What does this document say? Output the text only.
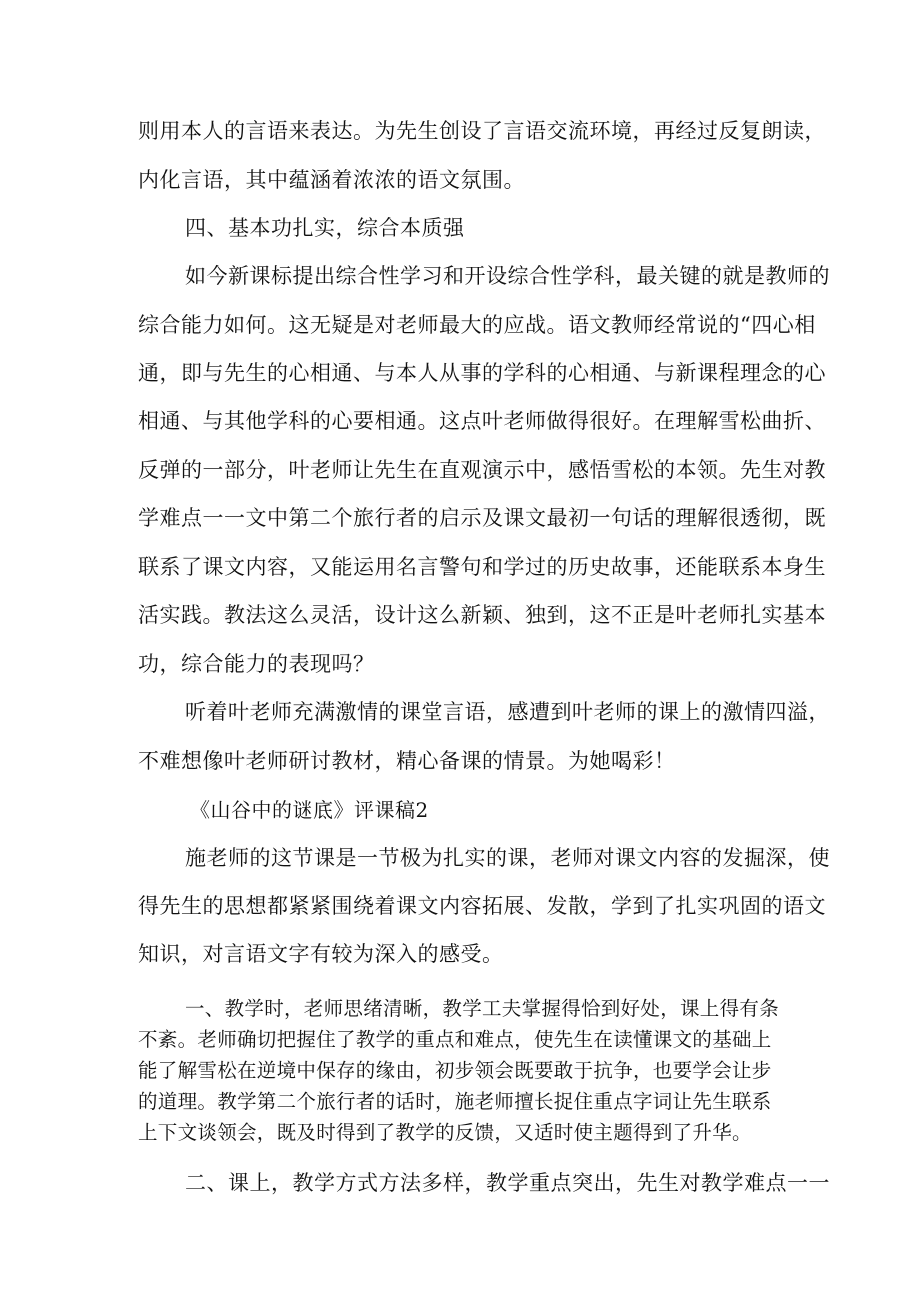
则用本人的言语来表达。为先生创设了言语交流环境，再经过反复朗读，
内化言语，其中蕴涵着浓浓的语文氛围。
四、基本功扎实，综合本质强
如今新课标提出综合性学习和开设综合性学科，最关键的就是教师的
综合能力如何。这无疑是对老师最大的应战。语文教师经常说的“四心相
通，即与先生的心相通、与本人从事的学科的心相通、与新课程理念的心
相通、与其他学科的心要相通。这点叶老师做得很好。在理解雪松曲折、
反弹的一部分，叶老师让先生在直观演示中，感悟雪松的本领。先生对教
学难点一一文中第二个旅行者的启示及课文最初一句话的理解很透彻，既
联系了课文内容，又能运用名言警句和学过的历史故事，还能联系本身生
活实践。教法这么灵活，设计这么新颖、独到，这不正是叶老师扎实基本
功，综合能力的表现吗？
听着叶老师充满激情的课堂言语，感遭到叶老师的课上的激情四溢，
不难想像叶老师研讨教材，精心备课的情景。为她喝彩！
《山谷中的谜底》评课稿2
施老师的这节课是一节极为扎实的课，老师对课文内容的发掘深，使
得先生的思想都紧紧围绕着课文内容拓展、发散，学到了扎实巩固的语文
知识，对言语文字有较为深入的感受。
一、教学时，老师思绪清晰，教学工夫掌握得恰到好处，课上得有条
不紊。老师确切把握住了教学的重点和难点，使先生在读懂课文的基础上
能了解雪松在逆境中保存的缘由，初步领会既要敢于抗争，也要学会让步
的道理。教学第二个旅行者的话时，施老师擅长捉住重点字词让先生联系
上下文谈领会，既及时得到了教学的反馈，又适时使主题得到了升华。
二、课上，教学方式方法多样，教学重点突出，先生对教学难点一一
